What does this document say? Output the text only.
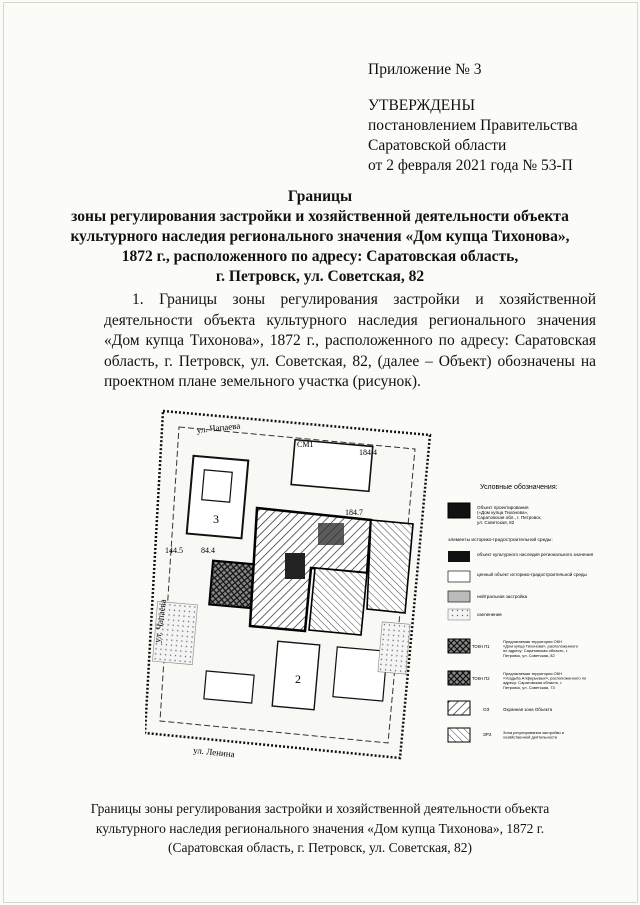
Приложение № 3
УТВЕРЖДЕНЫ
постановлением Правительства
Саратовской области
от 2 февраля 2021 года № 53-П
Границы
зоны регулирования застройки и хозяйственной деятельности объекта
культурного наследия регионального значения «Дом купца Тихонова»,
1872 г., расположенного по адресу: Саратовская область,
г. Петровск, ул. Советская, 82
1. Границы зоны регулирования застройки и хозяйственной деятельности объекта культурного наследия регионального значения «Дом купца Тихонова», 1872 г., расположенного по адресу: Саратовская область, г. Петровск, ул. Советская, 82, (далее – Объект) обозначены на проектном плане земельного участка (рисунок).
ул. Чапаева
ул. Чапаева
ул. Ленина
3
2
144.5 84.4
184.7
СМ1
184.4
Условные обозначения:
Объект проектирования («Дом купца Тихонова», Саратовская обл., г. Петровск, ул. Советская, 82
элементы историко-градостроительной среды:
объект культурного наследия регионального значения
ценный объект историко-градостроительной среды
нейтральная застройка
озеленение
ТОКН П1
Предлагаемая территория ОКН «Дом купца Тихонова», расположенного по адресу: Саратовская область, г. Петровск, ул. Советская, 82
ТОКН П2
Предлагаемая территория ОКН «Усадьба Алферьевых», расположенного по адресу: Саратовская область, г. Петровск, ул. Советская, 73
ОЗ	Охранная зона Объекта
ЗР2	Зона регулирования застройки и хозяйственной деятельности
Границы зоны регулирования застройки и хозяйственной деятельности объекта
культурного наследия регионального значения «Дом купца Тихонова», 1872 г.
(Саратовская область, г. Петровск, ул. Советская, 82)
